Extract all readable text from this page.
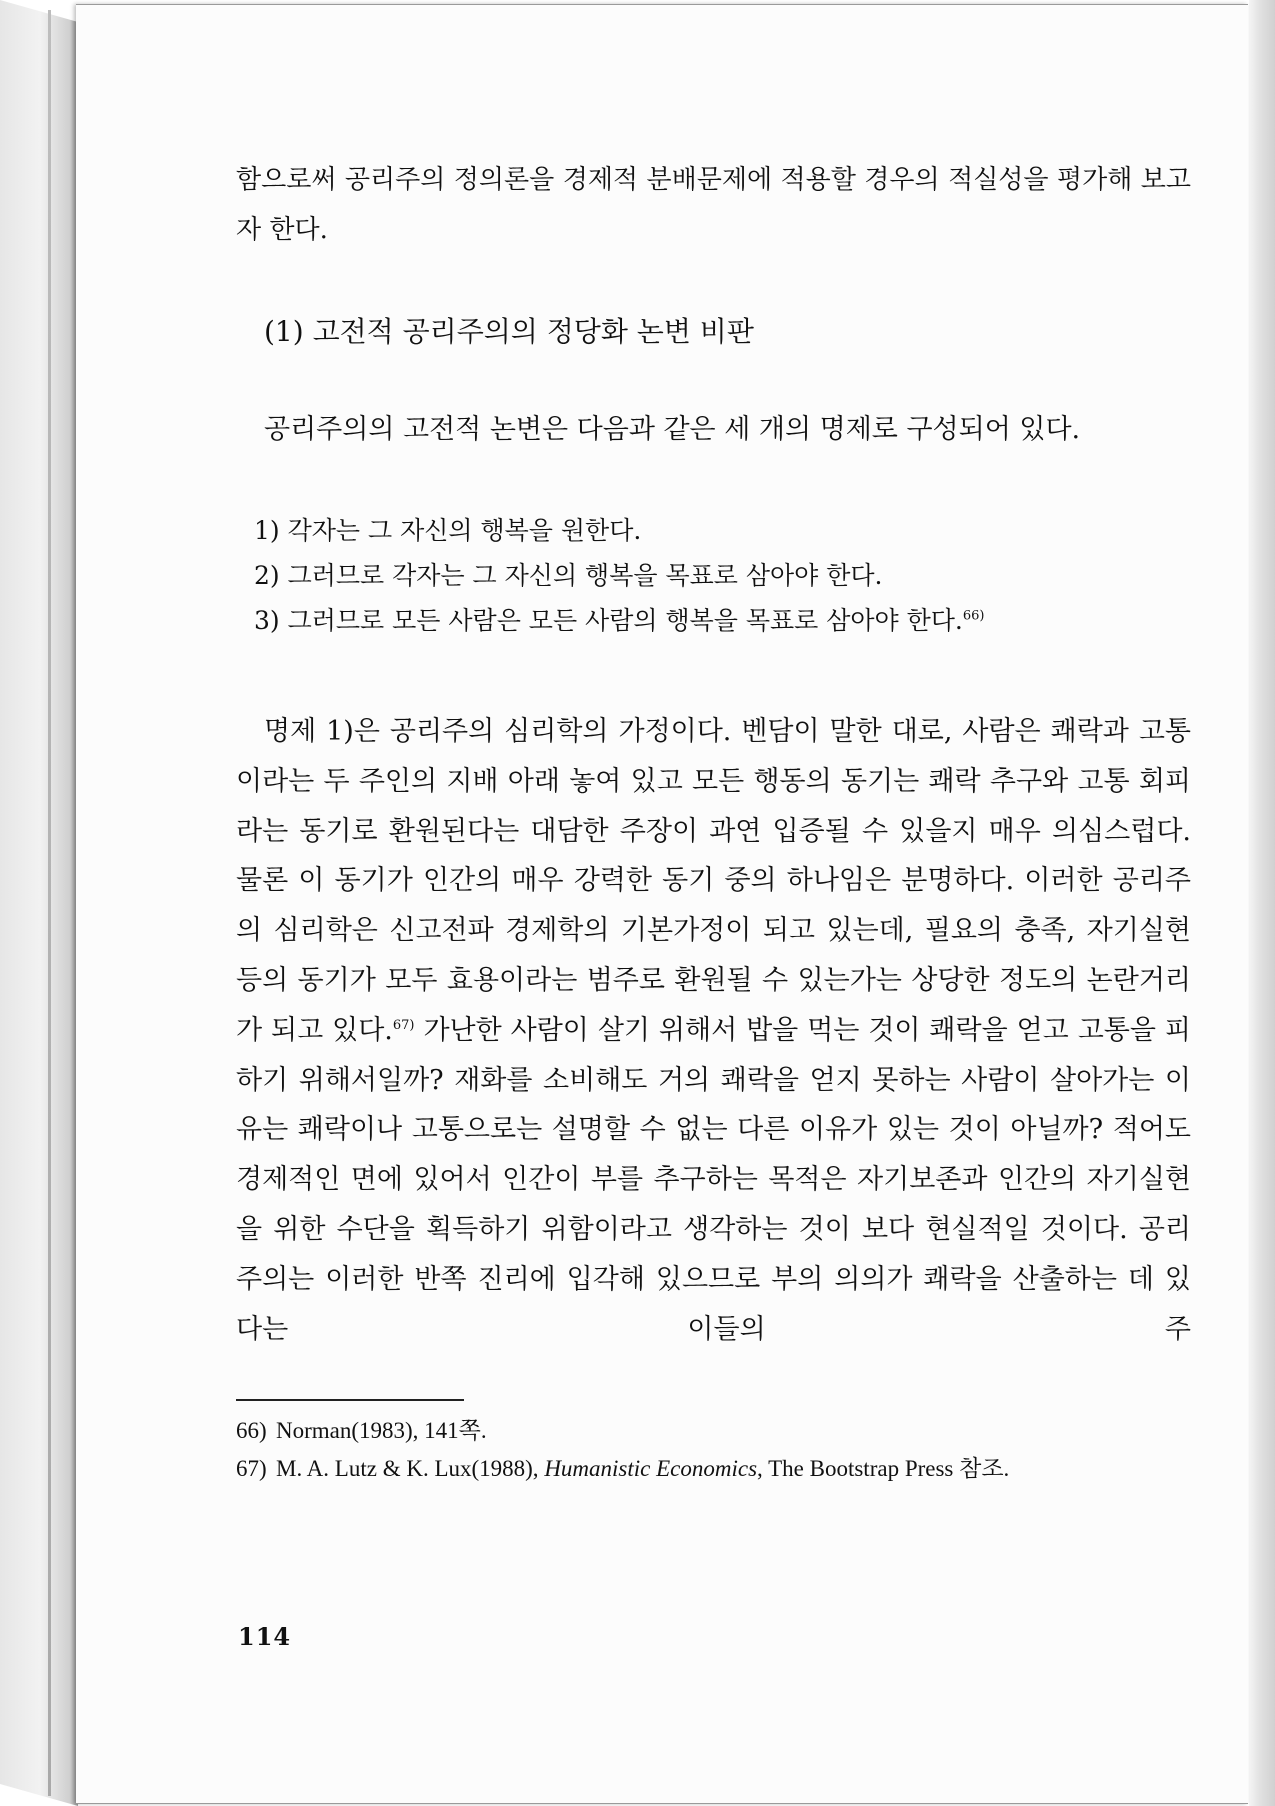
함으로써 공리주의 정의론을 경제적 분배문제에 적용할 경우의 적실성을 평가해 보고자 한다.

(1) 고전적 공리주의의 정당화 논변 비판

공리주의의 고전적 논변은 다음과 같은 세 개의 명제로 구성되어 있다.

1) 각자는 그 자신의 행복을 원한다.
2) 그러므로 각자는 그 자신의 행복을 목표로 삼아야 한다.
3) 그러므로 모든 사람은 모든 사람의 행복을 목표로 삼아야 한다.$^{66)}$

명제 1)은 공리주의 심리학의 가정이다. 벤담이 말한 대로, 사람은 쾌락과 고통이라는 두 주인의 지배 아래 놓여 있고 모든 행동의 동기는 쾌락 추구와 고통 회피라는 동기로 환원된다는 대담한 주장이 과연 입증될 수 있을지 매우 의심스럽다. 물론 이 동기가 인간의 매우 강력한 동기 중의 하나임은 분명하다. 이러한 공리주의 심리학은 신고전파 경제학의 기본가정이 되고 있는데, 필요의 충족, 자기실현 등의 동기가 모두 효용이라는 범주로 환원될 수 있는가는 상당한 정도의 논란거리가 되고 있다.$^{67)}$ 가난한 사람이 살기 위해서 밥을 먹는 것이 쾌락을 얻고 고통을 피하기 위해서일까? 재화를 소비해도 거의 쾌락을 얻지 못하는 사람이 살아가는 이유는 쾌락이나 고통으로는 설명할 수 없는 다른 이유가 있는 것이 아닐까? 적어도 경제적인 면에 있어서 인간이 부를 추구하는 목적은 자기보존과 인간의 자기실현을 위한 수단을 획득하기 위함이라고 생각하는 것이 보다 현실적일 것이다. 공리주의는 이러한 반쪽 진리에 입각해 있으므로 부의 의의가 쾌락을 산출하는 데 있다는 이들의 주

66) Norman(1983), 141쪽.

67) M. A. Lutz & K. Lux(1988), Humanistic Economics, The Bootstrap Press 참조.

114
